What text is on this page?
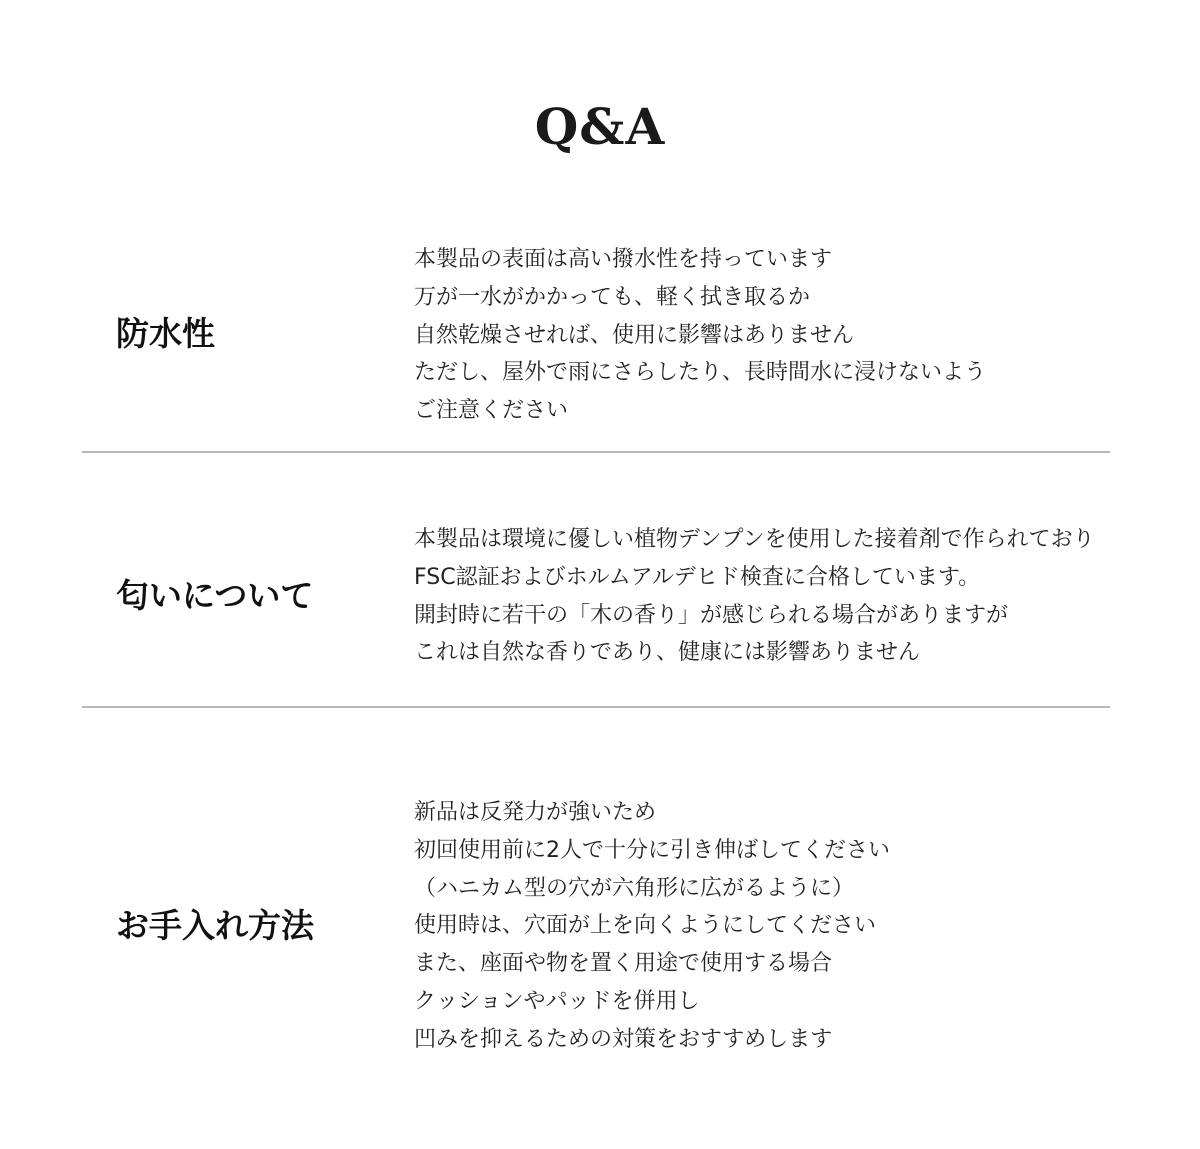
Q&A
防水性
本製品の表面は高い撥水性を持っています
万が一水がかかっても、軽く拭き取るか
自然乾燥させれば、使用に影響はありません
ただし、屋外で雨にさらしたり、長時間水に浸けないよう
ご注意ください
匂いについて
本製品は環境に優しい植物デンプンを使用した接着剤で作られており
FSC認証およびホルムアルデヒド検査に合格しています。
開封時に若干の「木の香り」が感じられる場合がありますが
これは自然な香りであり、健康には影響ありません
お手入れ方法
新品は反発力が強いため
初回使用前に2人で十分に引き伸ばしてください
（ハニカム型の穴が六角形に広がるように）
使用時は、穴面が上を向くようにしてください
また、座面や物を置く用途で使用する場合
クッションやパッドを併用し
凹みを抑えるための対策をおすすめします
